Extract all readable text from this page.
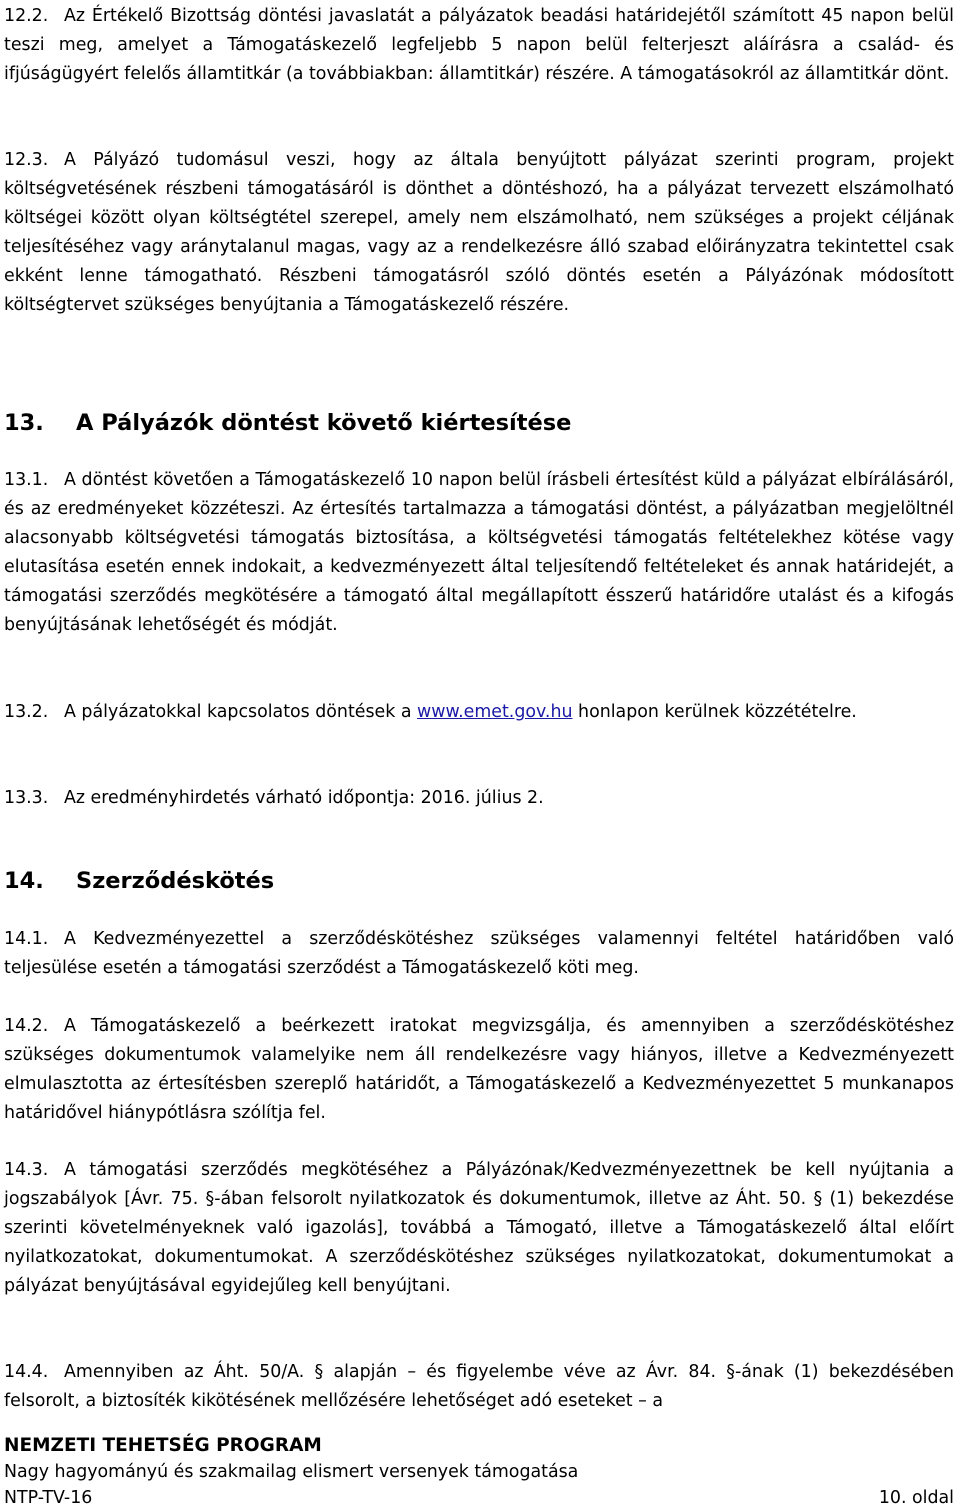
12.2. Az Értékelő Bizottság döntési javaslatát a pályázatok beadási határidejétől számított 45 napon belül teszi meg, amelyet a Támogatáskezelő legfeljebb 5 napon belül felterjeszt aláírásra a család- és ifjúságügyért felelős államtitkár (a továbbiakban: államtitkár) részére. A támogatásokról az államtitkár dönt.

12.3. A Pályázó tudomásul veszi, hogy az általa benyújtott pályázat szerinti program, projekt költségvetésének részbeni támogatásáról is dönthet a döntéshozó, ha a pályázat tervezett elszámolható költségei között olyan költségtétel szerepel, amely nem elszámolható, nem szükséges a projekt céljának teljesítéséhez vagy aránytalanul magas, vagy az a rendelkezésre álló szabad előirányzatra tekintettel csak ekként lenne támogatható. Részbeni támogatásról szóló döntés esetén a Pályázónak módosított költségtervet szükséges benyújtania a Támogatáskezelő részére.

13. A Pályázók döntést követő kiértesítése

13.1. A döntést követően a Támogatáskezelő 10 napon belül írásbeli értesítést küld a pályázat elbírálásáról, és az eredményeket közzéteszi. Az értesítés tartalmazza a támogatási döntést, a pályázatban megjelöltnél alacsonyabb költségvetési támogatás biztosítása, a költségvetési támogatás feltételekhez kötése vagy elutasítása esetén ennek indokait, a kedvezményezett által teljesítendő feltételeket és annak határidejét, a támogatási szerződés megkötésére a támogató által megállapított ésszerű határidőre utalást és a kifogás benyújtásának lehetőségét és módját.

13.2. A pályázatokkal kapcsolatos döntések a www.emet.gov.hu honlapon kerülnek közzétételre.

13.3. Az eredményhirdetés várható időpontja: 2016. július 2.

14. Szerződéskötés

14.1. A Kedvezményezettel a szerződéskötéshez szükséges valamennyi feltétel határidőben való teljesülése esetén a támogatási szerződést a Támogatáskezelő köti meg.

14.2. A Támogatáskezelő a beérkezett iratokat megvizsgálja, és amennyiben a szerződéskötéshez szükséges dokumentumok valamelyike nem áll rendelkezésre vagy hiányos, illetve a Kedvezményezett elmulasztotta az értesítésben szereplő határidőt, a Támogatáskezelő a Kedvezményezettet 5 munkanapos határidővel hiánypótlásra szólítja fel.

14.3. A támogatási szerződés megkötéséhez a Pályázónak/Kedvezményezettnek be kell nyújtania a jogszabályok [Ávr. 75. §-ában felsorolt nyilatkozatok és dokumentumok, illetve az Áht. 50. § (1) bekezdése szerinti követelményeknek való igazolás], továbbá a Támogató, illetve a Támogatáskezelő által előírt nyilatkozatokat, dokumentumokat. A szerződéskötéshez szükséges nyilatkozatokat, dokumentumokat a pályázat benyújtásával egyidejűleg kell benyújtani.

14.4. Amennyiben az Áht. 50/A. § alapján – és figyelembe véve az Ávr. 84. §-ának (1) bekezdésében felsorolt, a biztosíték kikötésének mellőzésére lehetőséget adó eseteket – a

NEMZETI TEHETSÉG PROGRAM
Nagy hagyományú és szakmailag elismert versenyek támogatása
NTP-TV-16	10. oldal
